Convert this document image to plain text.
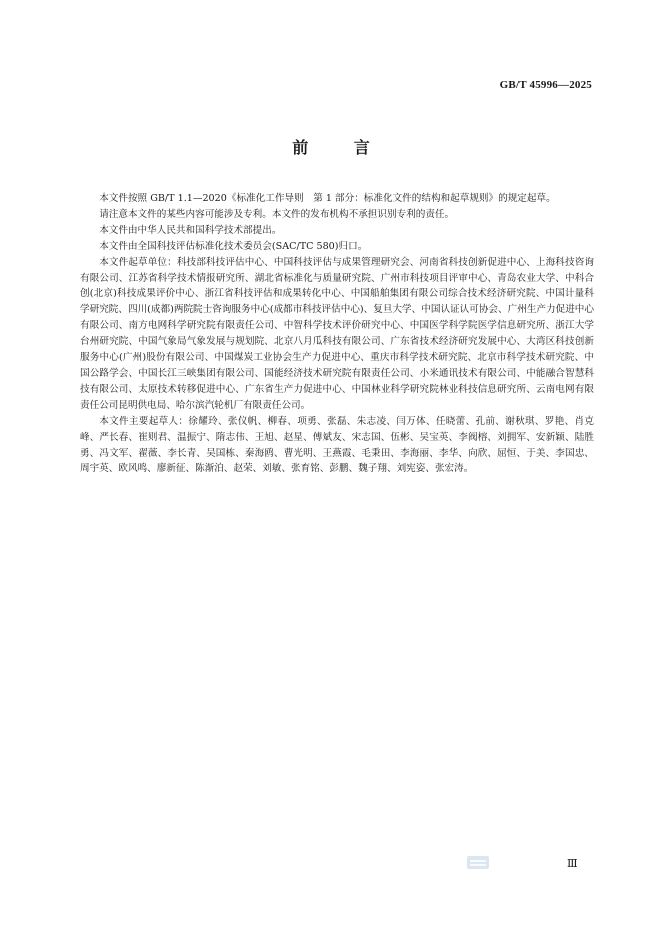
GB/T 45996—2025
前 言

本文件按照 GB/T 1.1—2020《标准化工作导则　第 1 部分：标准化文件的结构和起草规则》的规定起草。

请注意本文件的某些内容可能涉及专利。本文件的发布机构不承担识别专利的责任。

本文件由中华人民共和国科学技术部提出。

本文件由全国科技评估标准化技术委员会(SAC/TC 580)归口。

本文件起草单位：科技部科技评估中心、中国科技评估与成果管理研究会、河南省科技创新促进中心、上海科技咨询有限公司、江苏省科学技术情报研究所、湖北省标准化与质量研究院、广州市科技项目评审中心、青岛农业大学、中科合创(北京)科技成果评价中心、浙江省科技评估和成果转化中心、中国船舶集团有限公司综合技术经济研究院、中国计量科学研究院、四川(成都)两院院士咨询服务中心(成都市科技评估中心)、复旦大学、中国认证认可协会、广州生产力促进中心有限公司、南方电网科学研究院有限责任公司、中智科学技术评价研究中心、中国医学科学院医学信息研究所、浙江大学台州研究院、中国气象局气象发展与规划院、北京八月瓜科技有限公司、广东省技术经济研究发展中心、大湾区科技创新服务中心(广州)股份有限公司、中国煤炭工业协会生产力促进中心、重庆市科学技术研究院、北京市科学技术研究院、中国公路学会、中国长江三峡集团有限公司、国能经济技术研究院有限责任公司、小米通讯技术有限公司、中能融合智慧科技有限公司、太原技术转移促进中心、广东省生产力促进中心、中国林业科学研究院林业科技信息研究所、云南电网有限责任公司昆明供电局、哈尔滨汽轮机厂有限责任公司。

本文件主要起草人：徐耀玲、张仪帆、柳春、项勇、张磊、朱志凌、闫万体、任晓蕾、孔前、谢秋琪、罗艳、肖克峰、严长春、崔则君、温振宁、隋志伟、王旭、赵星、傅斌友、宋志国、伍彬、吴宝英、李阀榕、刘拥军、安新颖、陆胜勇、冯文军、翟薇、李长青、吴国栋、秦海鸥、曹光明、王燕霞、毛秉田、李海丽、李华、向欣、屈恒、于美、李国忠、周宇英、欧风鸣、廖新征、陈渐泊、赵荣、刘敏、张育铭、彭鹏、魏子翔、刘宪姿、张宏涛。

Ⅲ
